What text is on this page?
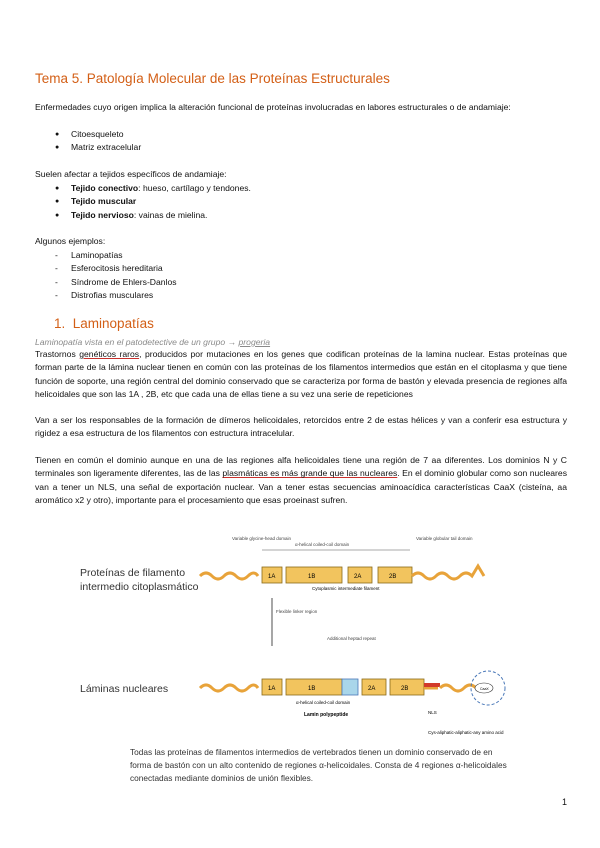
Tema 5. Patología Molecular de las Proteínas Estructurales
Enfermedades cuyo origen implica la alteración funcional de proteínas involucradas en labores estructurales o de andamiaje:
● Citoesqueleto
● Matriz extracelular
Suelen afectar a tejidos específicos de andamiaje:
● Tejido conectivo: hueso, cartílago y tendones.
● Tejido muscular
● Tejido nervioso: vainas de mielina.
Algunos ejemplos:
- Laminopatías
- Esferocitosis hereditaria
- Síndrome de Ehlers-Danlos
- Distrofias musculares
1. Laminopatías
Laminopatía vista en el patodetective de un grupo → progeria
Trastornos genéticos raros, producidos por mutaciones en los genes que codifican proteínas de la lamina nuclear. Estas proteínas que forman parte de la lámina nuclear tienen en común con las proteínas de los filamentos intermedios que están en el citoplasma y que tiene función de soporte, una región central del dominio conservado que se caracteriza por forma de bastón y elevada presencia de regiones alfa helicoidales que son las 1A , 2B, etc que cada una de ellas tiene a su vez una serie de repeticiones
Van a ser los responsables de la formación de dímeros helicoidales, retorcidos entre 2 de estas hélices y van a conferir esa estructura y rigidez a esa estructura de los filamentos con estructura intracelular.
Tienen en común el dominio aunque en una de las regiones alfa helicoidales tiene una región de 7 aa diferentes. Los dominios N y C terminales son ligeramente diferentes, las de las plasmáticas es más grande que las nucleares. En el dominio globular como son nucleares van a tener un NLS, una señal de exportación nuclear. Van a tener estas secuencias aminoacídica características CaaX (cisteína, aa aromático x2 y otro), importante para el procesamiento que esas proeinast sufren.
Proteínas de filamento
intermedio citoplasmático
Láminas nucleares
Variable glycine-head domain
α-helical coiled-coil domain
1A	1B	2A	2B
Cytoplasmic intermediate filament
Variable globular tail domain
Flexible linker region
Additional heptad repeat
1A	1B	2A	2B
α-helical coiled-coil domain
Lamin polypeptide
CaaX
NLS
Cys-aliphatic-aliphatic-any amino acid
Todas las proteínas de filamentos intermedios de vertebrados tienen un dominio conservado de en forma de bastón con un alto contenido de regiones α-helicoidales. Consta de 4 regiones α-helicoidales conectadas mediante dominios de unión flexibles.
1
